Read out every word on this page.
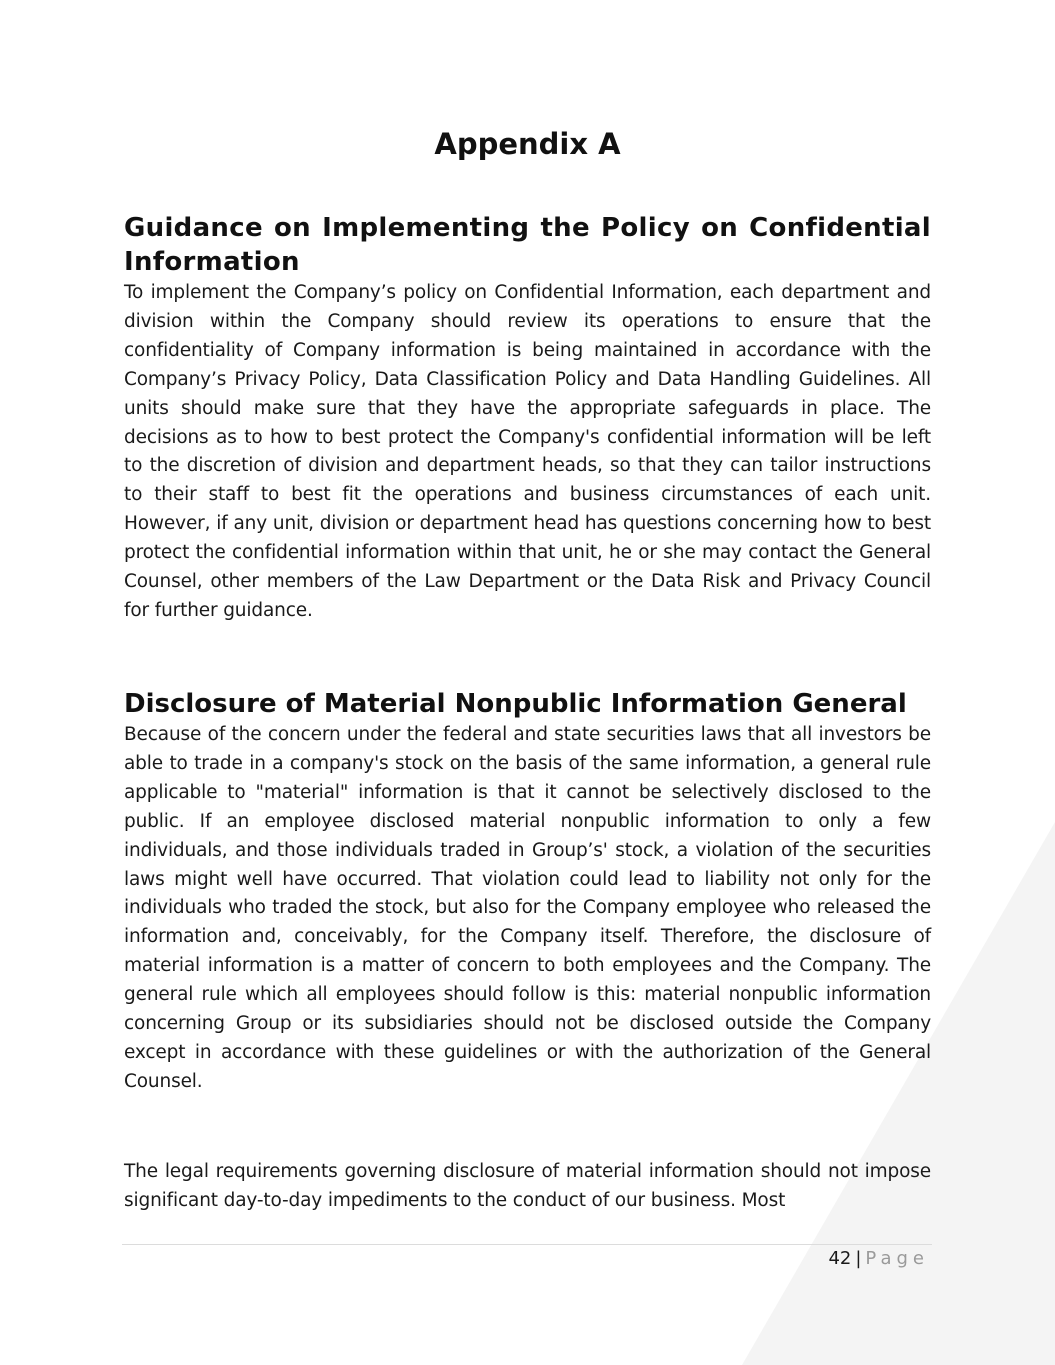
Appendix A
Guidance on Implementing the Policy on Confidential Information

To implement the Company’s policy on Confidential Information, each department and division within the Company should review its operations to ensure that the confidentiality of Company information is being maintained in accordance with the Company’s Privacy Policy, Data Classification Policy and Data Handling Guidelines. All units should make sure that they have the appropriate safeguards in place. The decisions as to how to best protect the Company's confidential information will be left to the discretion of division and department heads, so that they can tailor instructions to their staff to best fit the operations and business circumstances of each unit. However, if any unit, division or department head has questions concerning how to best protect the confidential information within that unit, he or she may contact the General Counsel, other members of the Law Department or the Data Risk and Privacy Council for further guidance.

Disclosure of Material Nonpublic Information General

Because of the concern under the federal and state securities laws that all investors be able to trade in a company's stock on the basis of the same information, a general rule applicable to "material" information is that it cannot be selectively disclosed to the public. If an employee disclosed material nonpublic information to only a few individuals, and those individuals traded in Group’s' stock, a violation of the securities laws might well have occurred. That violation could lead to liability not only for the individuals who traded the stock, but also for the Company employee who released the information and, conceivably, for the Company itself. Therefore, the disclosure of material information is a matter of concern to both employees and the Company. The general rule which all employees should follow is this: material nonpublic information concerning Group or its subsidiaries should not be disclosed outside the Company except in accordance with these guidelines or with the authorization of the General Counsel.

The legal requirements governing disclosure of material information should not impose significant day-to-day impediments to the conduct of our business. Most

42 | Page
